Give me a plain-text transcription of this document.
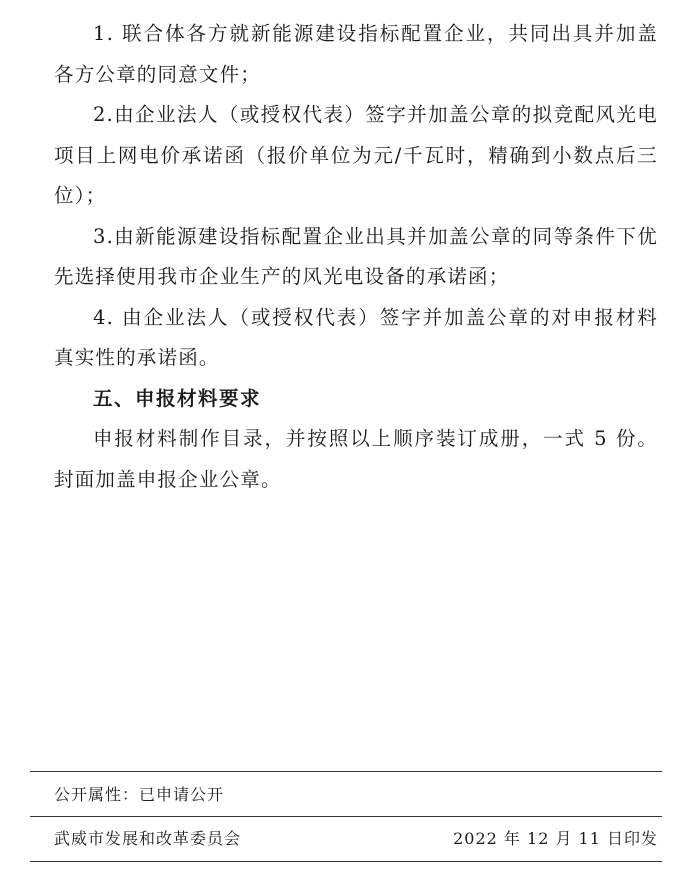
1. 联合体各方就新能源建设指标配置企业，共同出具并加盖各方公章的同意文件；

2.由企业法人（或授权代表）签字并加盖公章的拟竞配风光电项目上网电价承诺函（报价单位为元/千瓦时，精确到小数点后三位）；

3.由新能源建设指标配置企业出具并加盖公章的同等条件下优先选择使用我市企业生产的风光电设备的承诺函；

4. 由企业法人（或授权代表）签字并加盖公章的对申报材料真实性的承诺函。

五、申报材料要求

申报材料制作目录，并按照以上顺序装订成册，一式 5 份。封面加盖申报企业公章。

公开属性：已申请公开
武威市发展和改革委员会	2022 年 12 月 11 日印发
